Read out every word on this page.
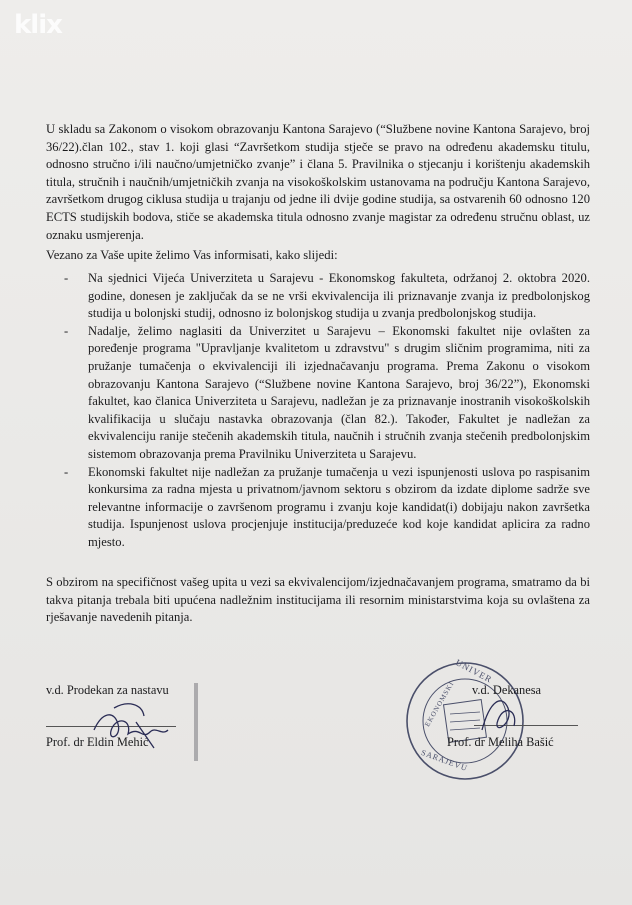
klix

U skladu sa Zakonom o visokom obrazovanju Kantona Sarajevo (“Službene novine Kantona Sarajevo, broj 36/22).član 102., stav 1. koji glasi “Završetkom studija stječe se pravo na određenu akademsku titulu, odnosno stručno i/ili naučno/umjetničko zvanje” i člana 5. Pravilnika o stjecanju i korištenju akademskih titula, stručnih i naučnih/umjetničkih zvanja na visokoškolskim ustanovama na području Kantona Sarajevo, završetkom drugog ciklusa studija u trajanju od jedne ili dvije godine studija, sa ostvarenih 60 odnosno 120 ECTS studijskih bodova, stiče se akademska titula odnosno zvanje magistar za određenu stručnu oblast, uz oznaku usmjerenja.

Vezano za Vaše upite želimo Vas informisati, kako slijedi:

- Na sjednici Vijeća Univerziteta u Sarajevu - Ekonomskog fakulteta, održanoj 2. oktobra 2020. godine, donesen je zaključak da se ne vrši ekvivalencija ili priznavanje zvanja iz predbolonjskog studija u bolonjski studij, odnosno iz bolonjskog studija u zvanja predbolonjskog studija.
- Nadalje, želimo naglasiti da Univerzitet u Sarajevu – Ekonomski fakultet nije ovlašten za poređenje programa "Upravljanje kvalitetom u zdravstvu" s drugim sličnim programima, niti za pružanje tumačenja o ekvivalenciji ili izjednačavanju programa. Prema Zakonu o visokom obrazovanju Kantona Sarajevo (“Službene novine Kantona Sarajevo, broj 36/22”), Ekonomski fakultet, kao članica Univerziteta u Sarajevu, nadležan je za priznavanje inostranih visokoškolskih kvalifikacija u slučaju nastavka obrazovanja (član 82.). Također, Fakultet je nadležan za ekvivalenciju ranije stečenih akademskih titula, naučnih i stručnih zvanja stečenih predbolonjskim sistemom obrazovanja prema Pravilniku Univerziteta u Sarajevu.
- Ekonomski fakultet nije nadležan za pružanje tumačenja u vezi ispunjenosti uslova po raspisanim konkursima za radna mjesta u privatnom/javnom sektoru s obzirom da izdate diplome sadrže sve relevantne informacije o završenom programu i zvanju koje kandidat(i) dobijaju nakon završetka studija. Ispunjenost uslova procjenjuje institucija/preduzeće kod koje kandidat aplicira za radno mjesto.

S obzirom na specifičnost vašeg upita u vezi sa ekvivalencijom/izjednačavanjem programa, smatramo da bi takva pitanja trebala biti upućena nadležnim institucijama ili resornim ministarstvima koja su ovlaštena za rješavanje navedenih pitanja.

v.d. Prodekan za nastavu
Prof. dr Eldin Mehić
UNIVER
EKONOMSKI
SARAJEVU
v.d. Dekanesa
Prof. dr Meliha Bašić
